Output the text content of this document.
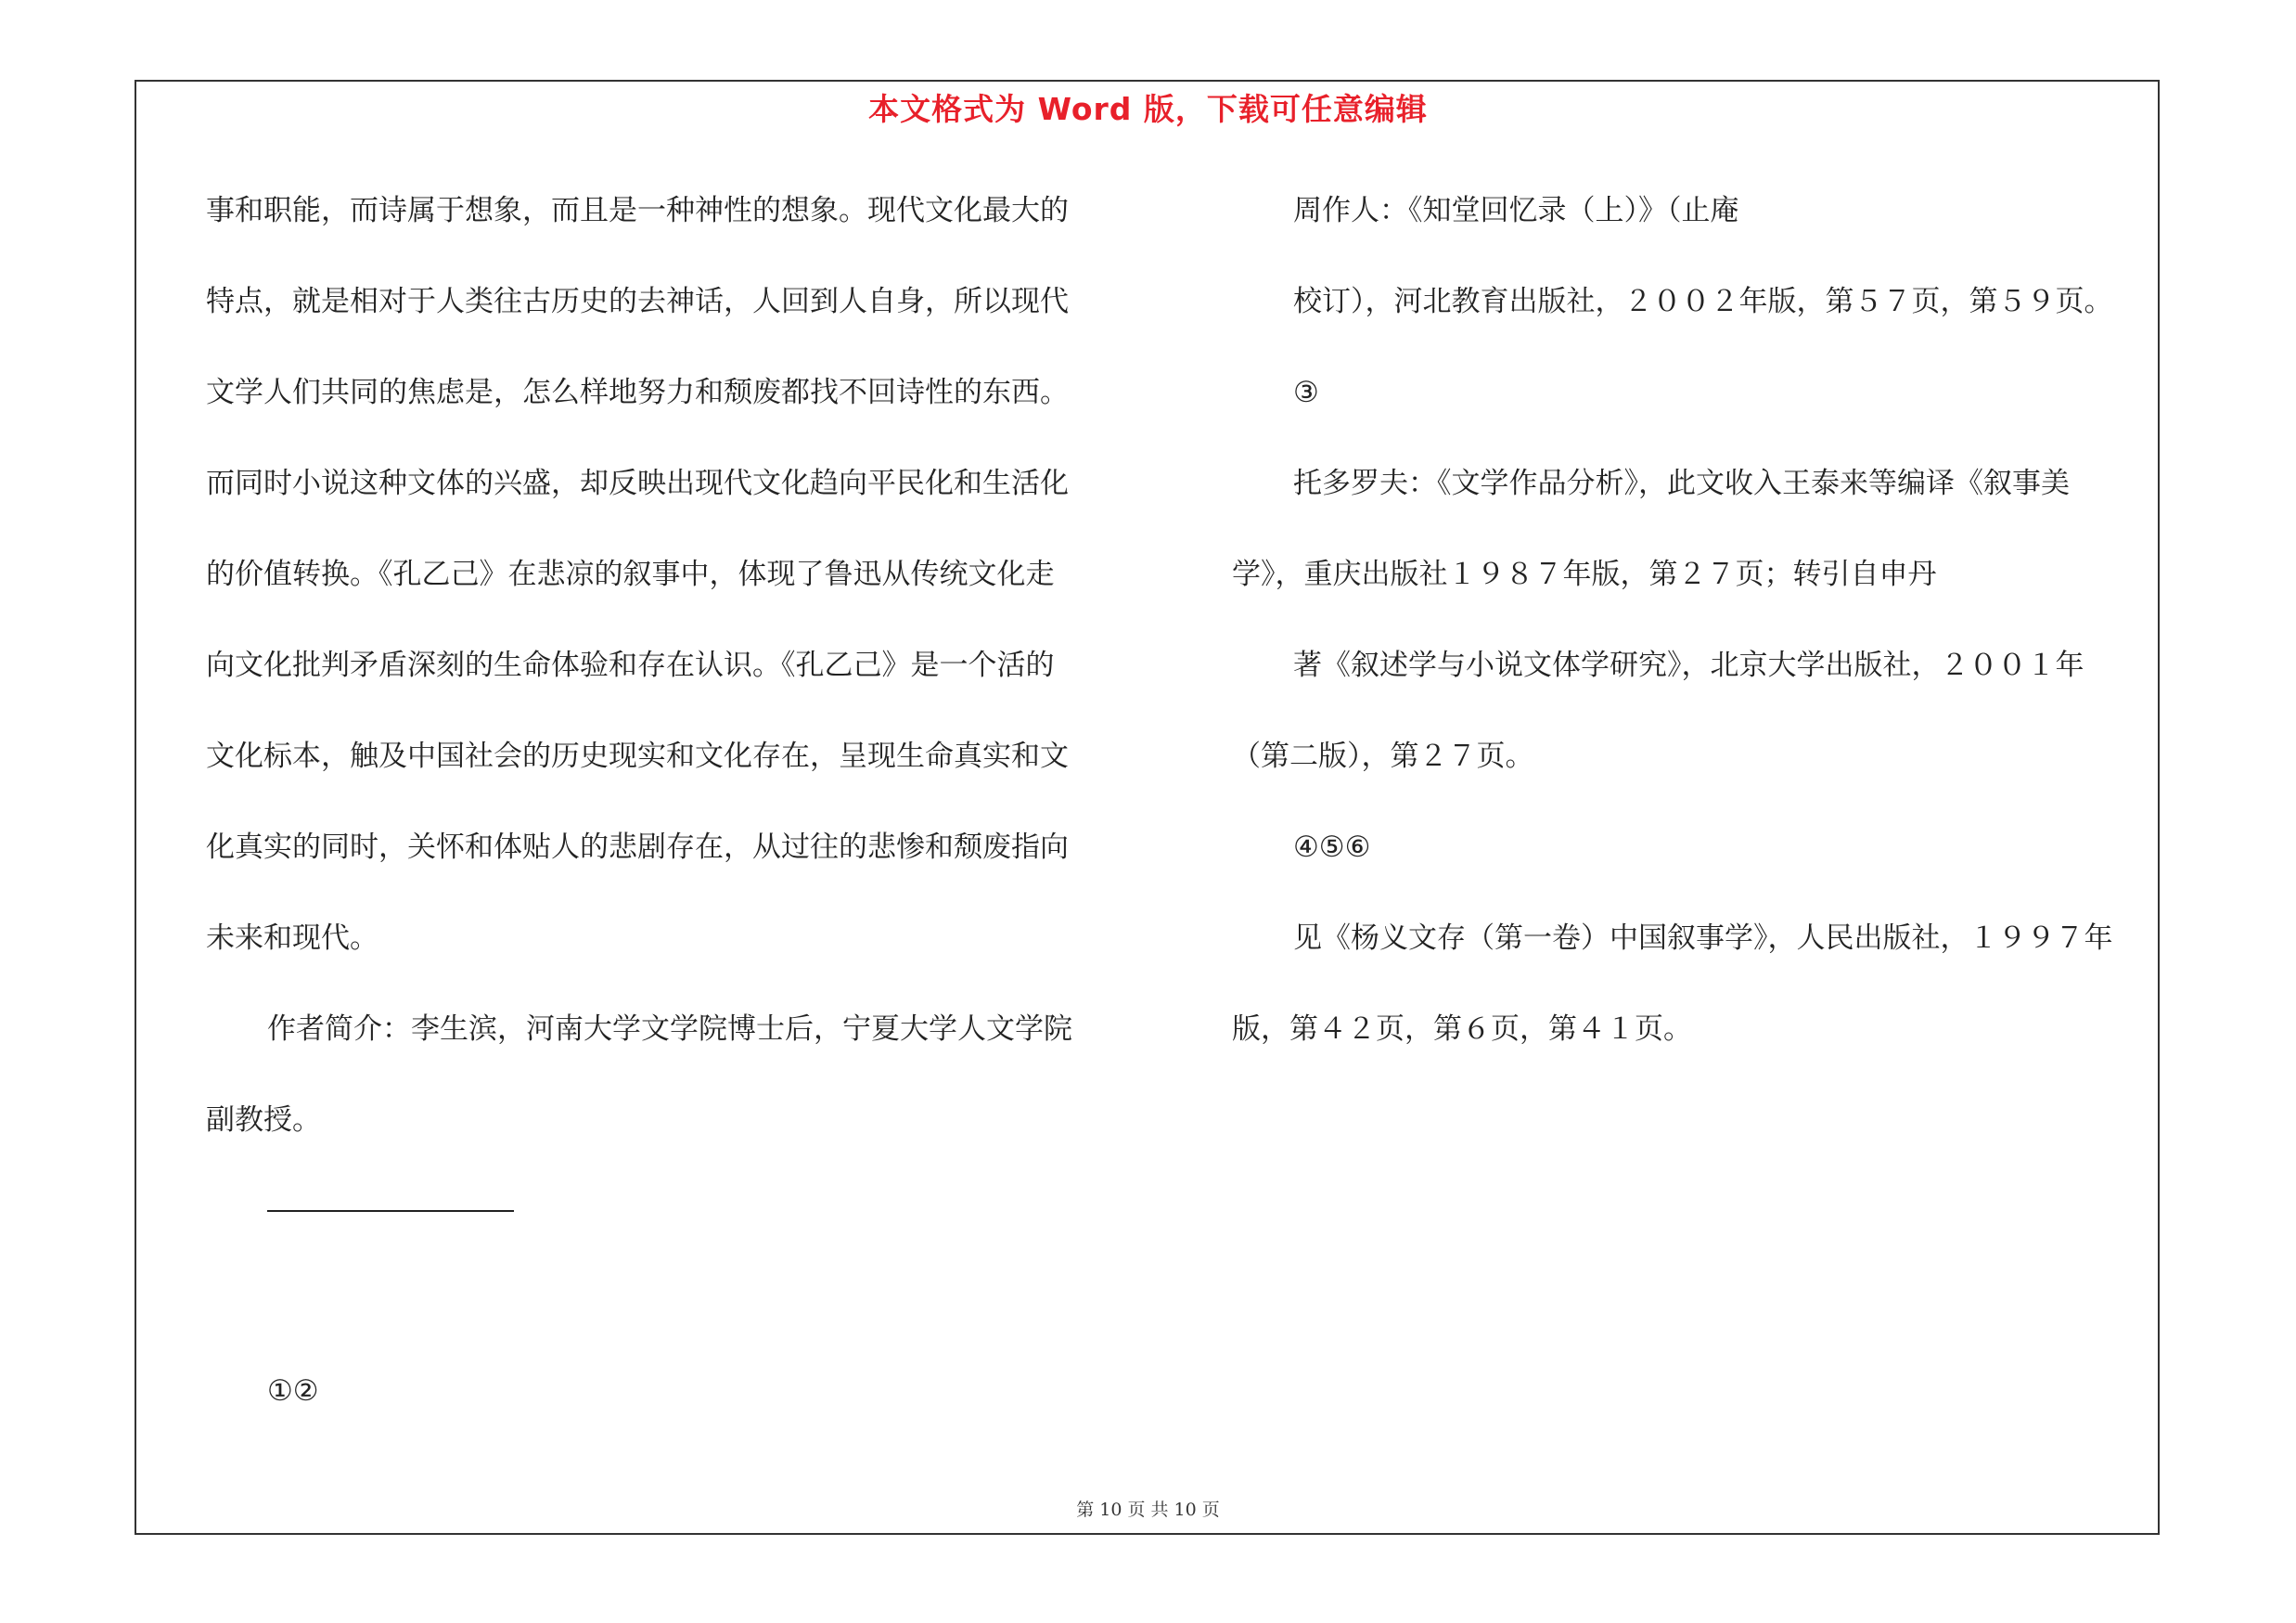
本文格式为 Word 版，下载可任意编辑
事和职能，而诗属于想象，而且是一种神性的想象。现代文化最大的
特点，就是相对于人类往古历史的去神话，人回到人自身，所以现代
文学人们共同的焦虑是，怎么样地努力和颓废都找不回诗性的东西。
而同时小说这种文体的兴盛，却反映出现代文化趋向平民化和生活化
的价值转换。《孔乙己》在悲凉的叙事中，体现了鲁迅从传统文化走
向文化批判矛盾深刻的生命体验和存在认识。《孔乙己》是一个活的
文化标本，触及中国社会的历史现实和文化存在，呈现生命真实和文
化真实的同时，关怀和体贴人的悲剧存在，从过往的悲惨和颓废指向
未来和现代。
作者简介：李生滨，河南大学文学院博士后，宁夏大学人文学院
副教授。
①②
周作人：《知堂回忆录（上）》（止庵
校订），河北教育出版社，２００２年版，第５７页，第５９页。
③
托多罗夫：《文学作品分析》，此文收入王泰来等编译《叙事美
学》，重庆出版社１９８７年版，第２７页；转引自申丹
著《叙述学与小说文体学研究》，北京大学出版社，２００１年
（第二版），第２７页。
④⑤⑥
见《杨义文存（第一卷）中国叙事学》，人民出版社，１９９７年
版，第４２页，第６页，第４１页。
第 10 页 共 10 页
